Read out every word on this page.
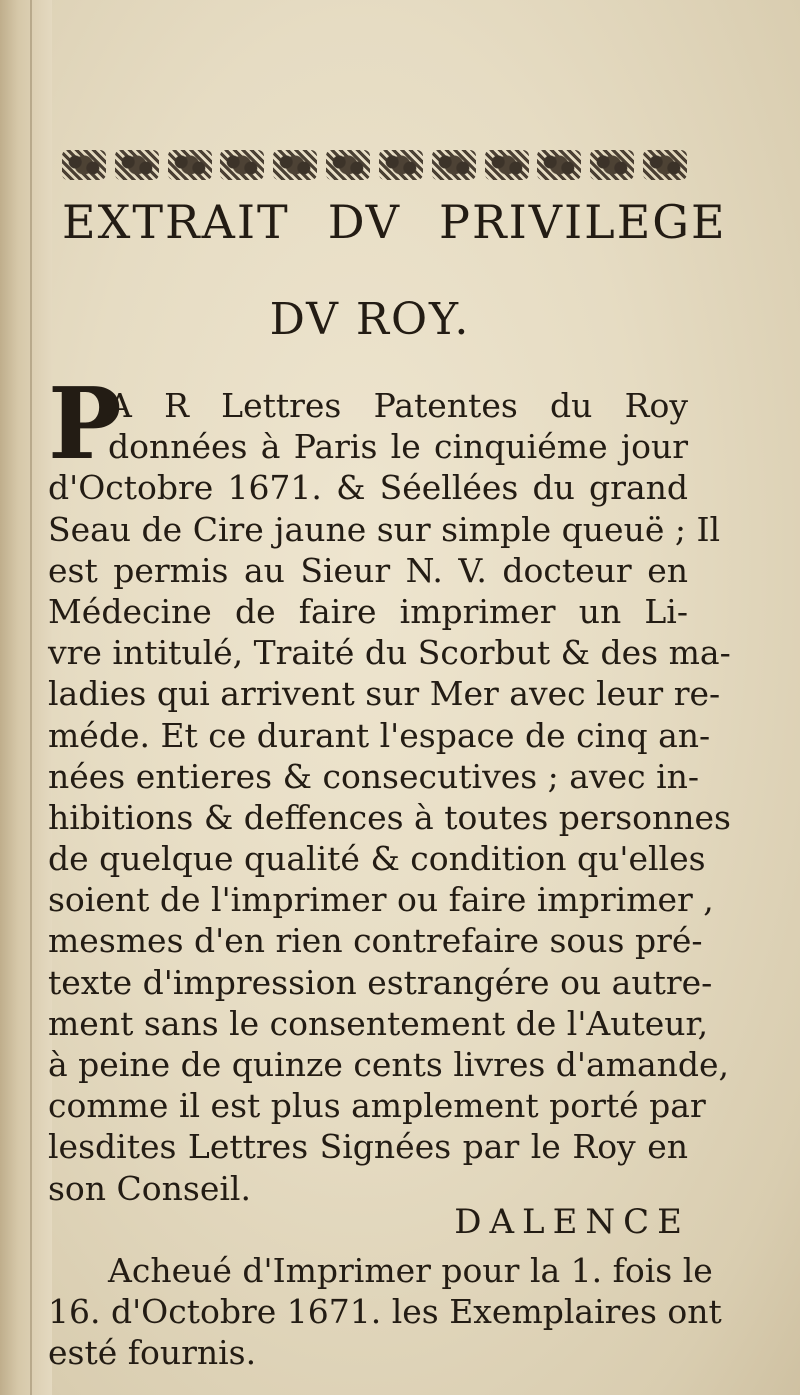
EXTRAIT DV PRIVILEGE
DV ROY.
P
A R Lettres Patentes du Roy
données à Paris le cinquiéme jour
d'Octobre 1671. & Séellées du grand
Seau de Cire jaune sur simple queuë ; Il
est permis au Sieur N. V. docteur en
Médecine de faire imprimer un Li-
vre intitulé, Traité du Scorbut & des ma-
ladies qui arrivent sur Mer avec leur re-
méde. Et ce durant l'espace de cinq an-
nées entieres & consecutives ; avec in-
hibitions & deffences à toutes personnes
de quelque qualité & condition qu'elles
soient de l'imprimer ou faire imprimer ,
mesmes d'en rien contrefaire sous pré-
texte d'impression estrangére ou autre-
ment sans le consentement de l'Auteur,
à peine de quinze cents livres d'amande,
comme il est plus amplement porté par
lesdites Lettres Signées par le Roy en
son Conseil.
DALENCE
Acheué d'Imprimer pour la 1. fois le
16. d'Octobre 1671. les Exemplaires ont
esté fournis.
